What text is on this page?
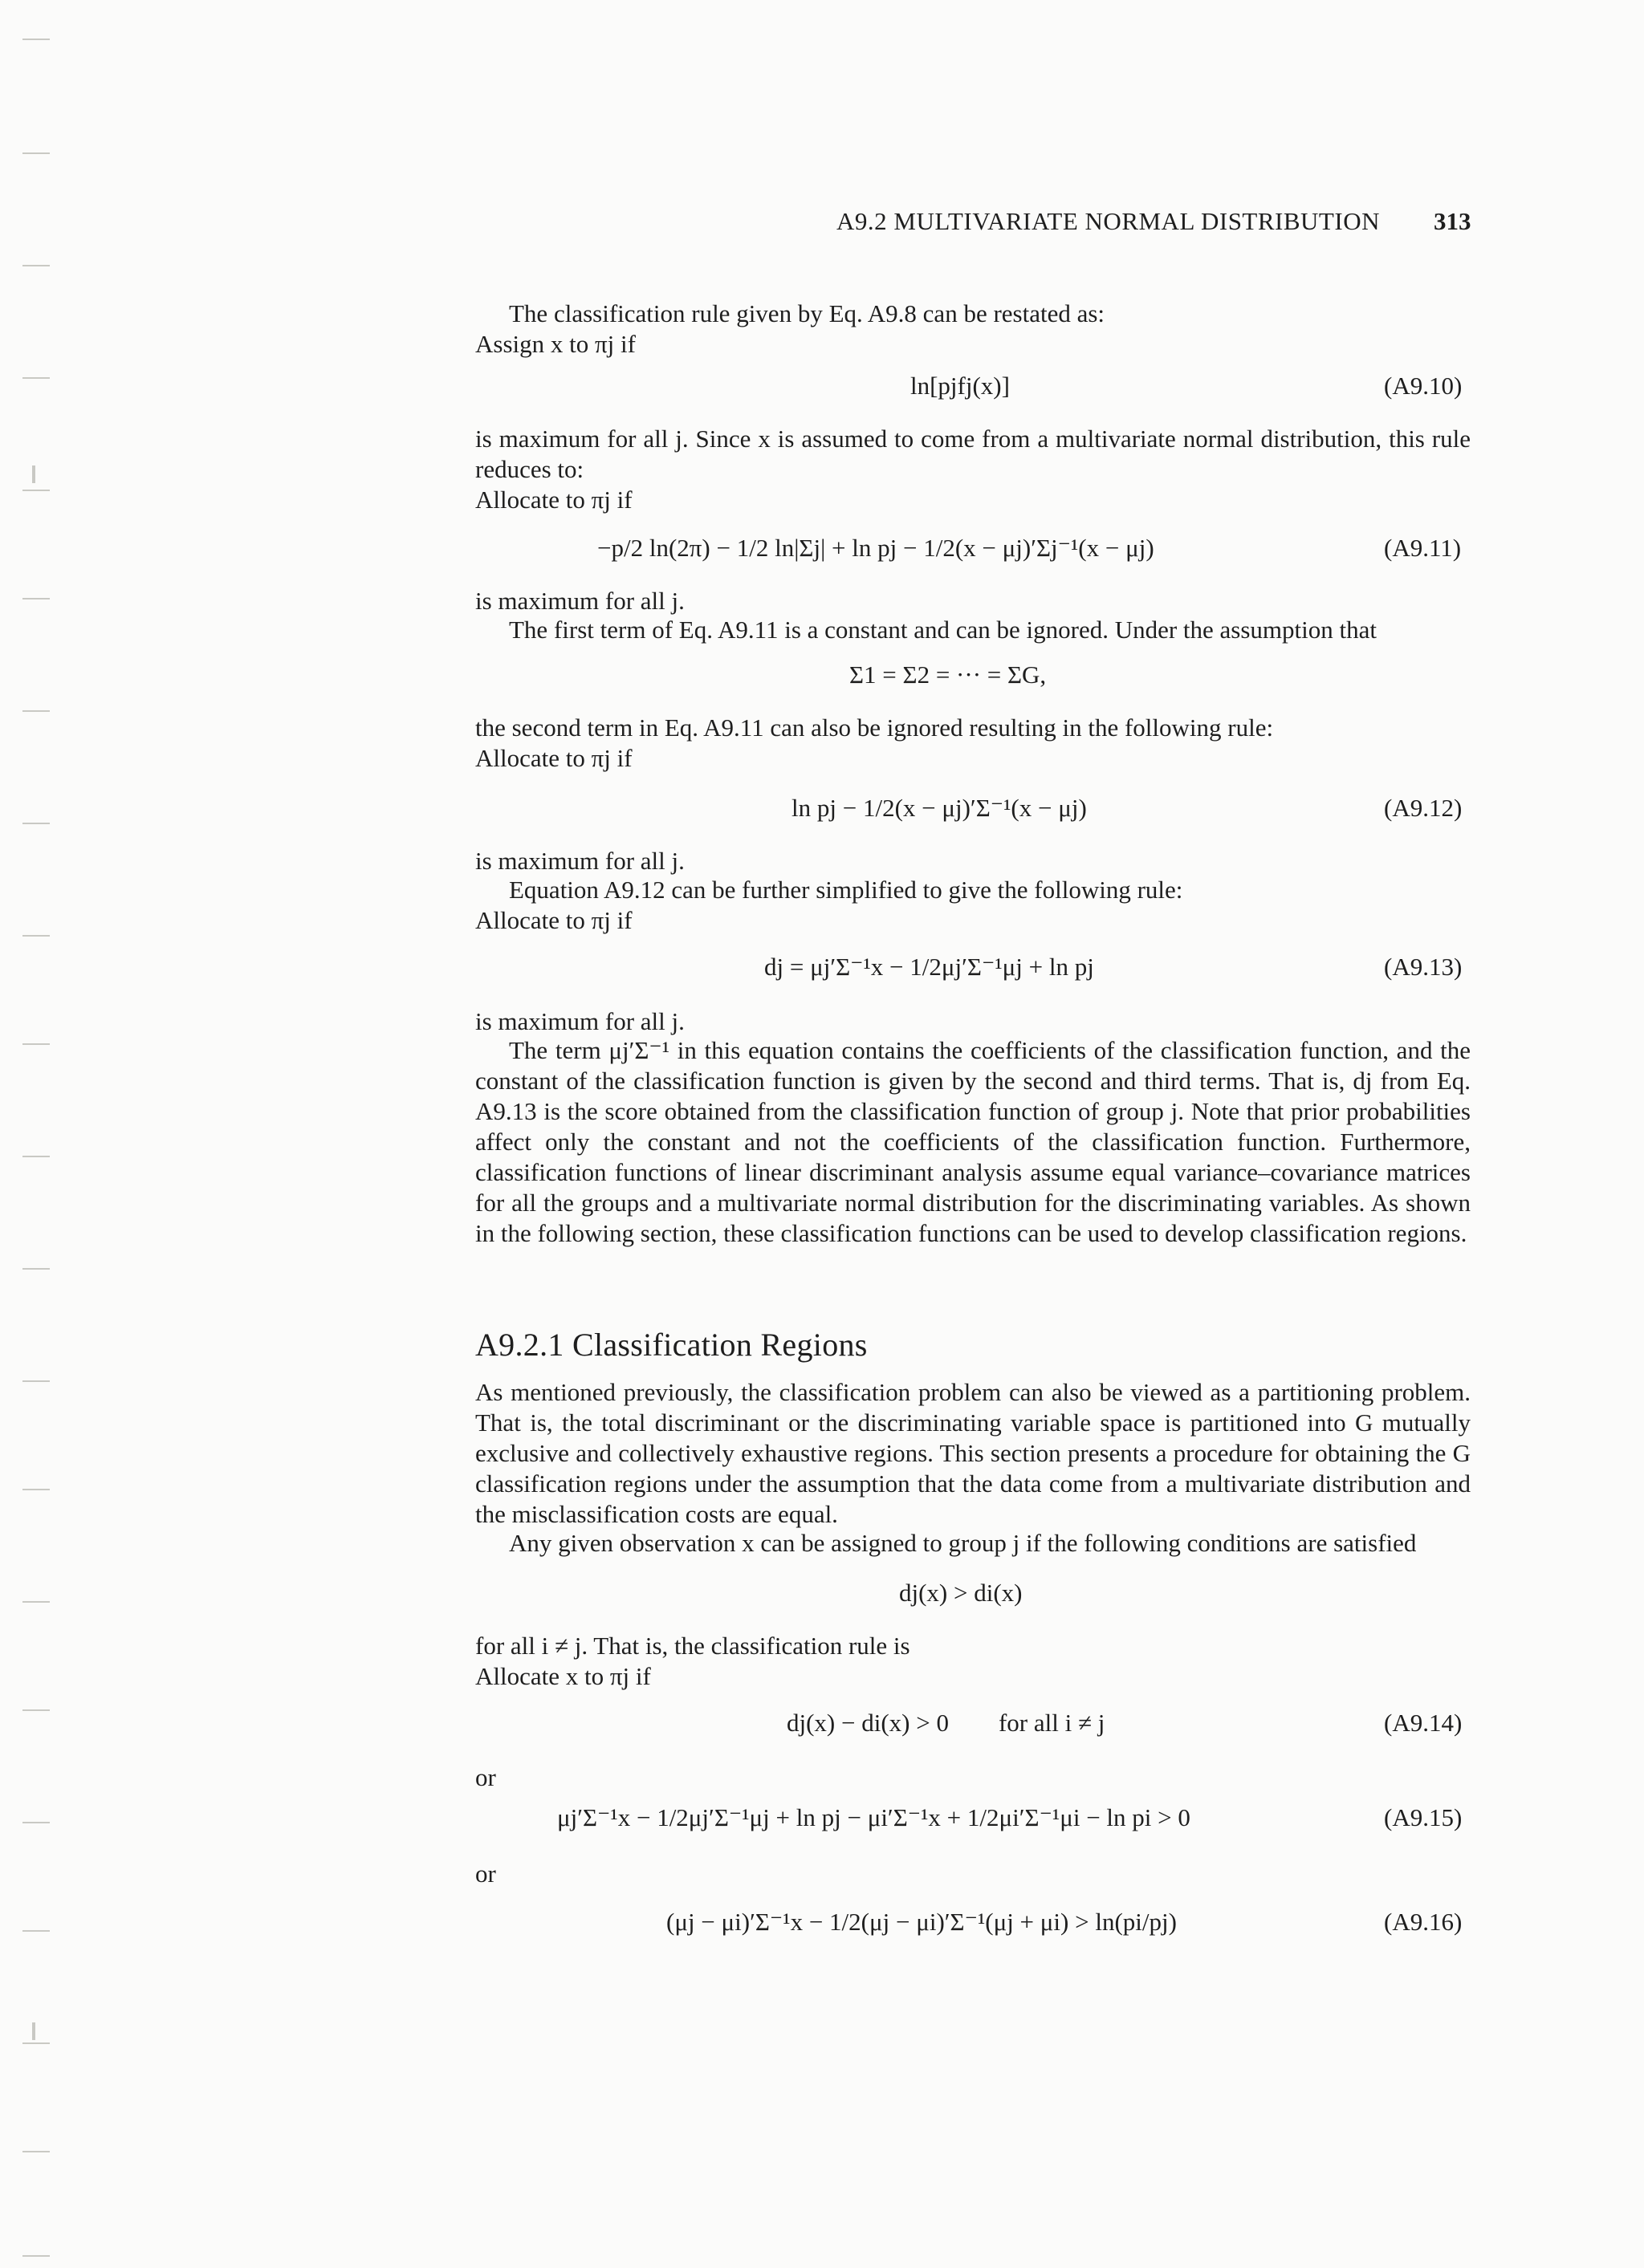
A9.2 MULTIVARIATE NORMAL DISTRIBUTION 313
The classification rule given by Eq. A9.8 can be restated as:
Assign x to πj if
ln[pjfj(x)]	(A9.10)
is maximum for all j. Since x is assumed to come from a multivariate normal distribution, this rule reduces to:
Allocate to πj if
−p/2 ln(2π) − 1/2 ln|Σj| + ln pj − 1/2(x − μj)′Σj⁻¹(x − μj)	(A9.11)
is maximum for all j.
The first term of Eq. A9.11 is a constant and can be ignored. Under the assumption that
Σ1 = Σ2 = ··· = ΣG,
the second term in Eq. A9.11 can also be ignored resulting in the following rule:
Allocate to πj if
ln pj − 1/2(x − μj)′Σ⁻¹(x − μj)	(A9.12)
is maximum for all j.
Equation A9.12 can be further simplified to give the following rule:
Allocate to πj if
dj = μj′Σ⁻¹x − 1/2μj′Σ⁻¹μj + ln pj	(A9.13)
is maximum for all j.
The term μj′Σ⁻¹ in this equation contains the coefficients of the classification function, and the constant of the classification function is given by the second and third terms. That is, dj from Eq. A9.13 is the score obtained from the classification function of group j. Note that prior probabilities affect only the constant and not the coefficients of the classification function. Furthermore, classification functions of linear discriminant analysis assume equal variance–covariance matrices for all the groups and a multivariate normal distribution for the discriminating variables. As shown in the following section, these classification functions can be used to develop classification regions.
A9.2.1 Classification Regions
As mentioned previously, the classification problem can also be viewed as a partitioning problem. That is, the total discriminant or the discriminating variable space is partitioned into G mutually exclusive and collectively exhaustive regions. This section presents a procedure for obtaining the G classification regions under the assumption that the data come from a multivariate distribution and the misclassification costs are equal.
Any given observation x can be assigned to group j if the following conditions are satisfied
dj(x) > di(x)
for all i ≠ j. That is, the classification rule is
Allocate x to πj if
dj(x) − di(x) > 0        for all i ≠ j	(A9.14)
or
μj′Σ⁻¹x − 1/2μj′Σ⁻¹μj + ln pj − μi′Σ⁻¹x + 1/2μi′Σ⁻¹μi − ln pi > 0	(A9.15)
or
(μj − μi)′Σ⁻¹x − 1/2(μj − μi)′Σ⁻¹(μj + μi) > ln(pi/pj)	(A9.16)
